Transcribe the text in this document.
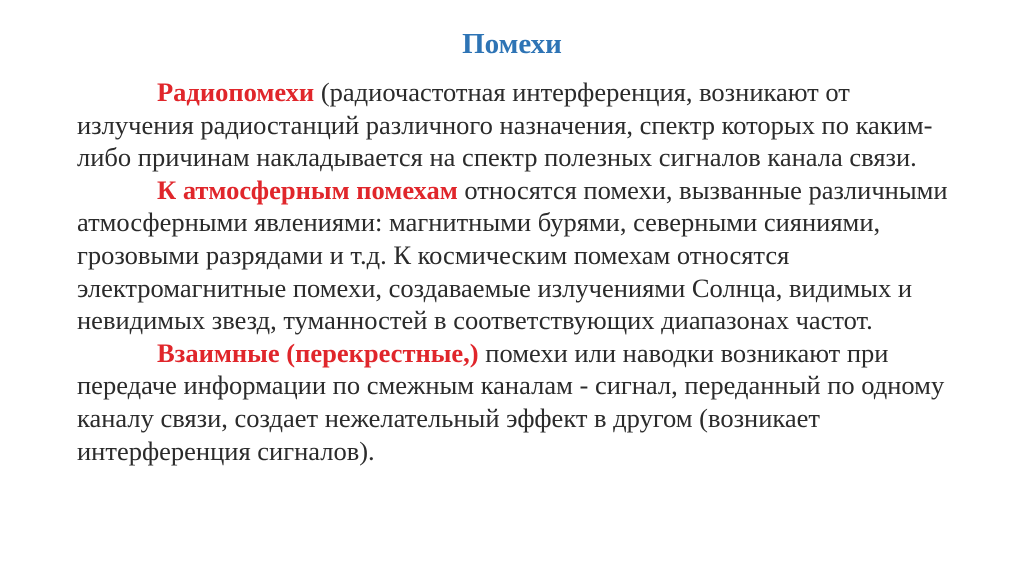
Помехи

Радиопомехи (радиочастотная интерференция, возникают от излучения радиостанций различного назначения, спектр которых по каким-либо причинам накладывается на спектр полезных сигналов канала связи.

К атмосферным помехам относятся помехи, вызванные различными атмосферными явлениями: магнитными бурями, северными сияниями, грозовыми разрядами и т.д. К космическим помехам относятся электромагнитные помехи, создаваемые излучениями Солнца, видимых и невидимых звезд, туманностей в соответствующих диапазонах частот.

Взаимные (перекрестные,) помехи или наводки возникают при передаче информации по смежным каналам - сигнал, переданный по одному каналу связи, создает нежелательный эффект в другом (возникает интерференция сигналов).
